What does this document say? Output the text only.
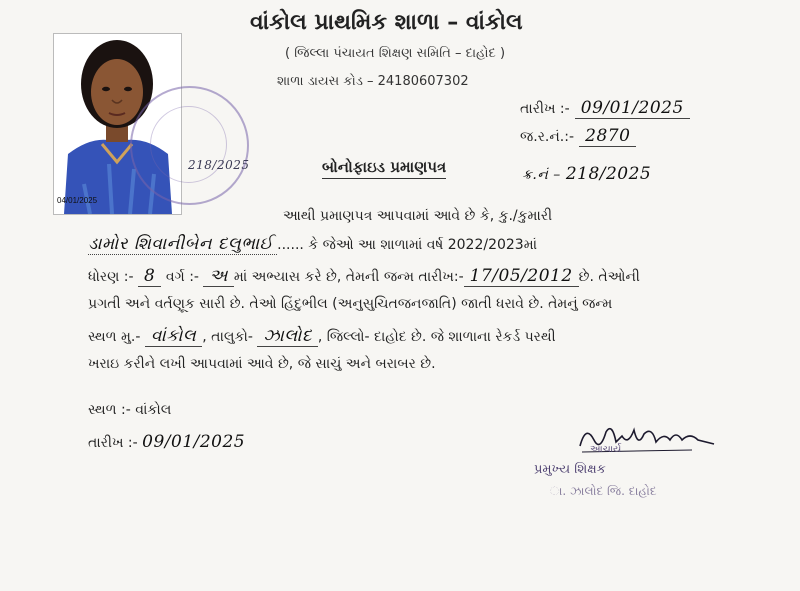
વાંકોલ પ્રાથમિક શાળા – વાંકોલ
( જિલ્લા પંચાયત શિક્ષણ સમિતિ – દાહોદ )
શાળા ડાયસ કોડ – 24180607302
04/01/2025
218/2025
તારીખ :- 09/01/2025
જ.ર.નં.:- 2870
ક્ર.નં – 218/2025
બોનોફાઇડ પ્રમાણપત્ર
આથી પ્રમાણપત્ર આપવામાં આવે છે કે, કુ./કુમારી
ડામોર શિવાનીબેન દલુભાઈ ...... કે જેઓ આ શાળામાં વર્ષ 2022/2023માં
ધોરણ :- 8 વર્ગ :- અ માં અભ્યાસ કરે છે, તેમની જન્મ તારીખ:- 17/05/2012 છે. તેઓની
પ્રગતી અને વર્તણૂક સારી છે. તેઓ હિંદુભીલ (અનુસુચિતજનજાતિ) જાતી ધરાવે છે. તેમનું જન્મ
સ્થળ મુ.- વાંકોલ , તાલુકો- ઝાલોદ , જિલ્લો- દાહોદ છે. જે શાળાના રેકર્ડ પરથી
ખરાઇ કરીને લખી આપવામાં આવે છે, જે સાચું અને બરાબર છે.
સ્થળ :- વાંકોલ
તારીખ :- 09/01/2025	આચાર્ય
પ્રમુખ્ય શિક્ષક
ા. ઝાલોદ જિ. દાહોદ
